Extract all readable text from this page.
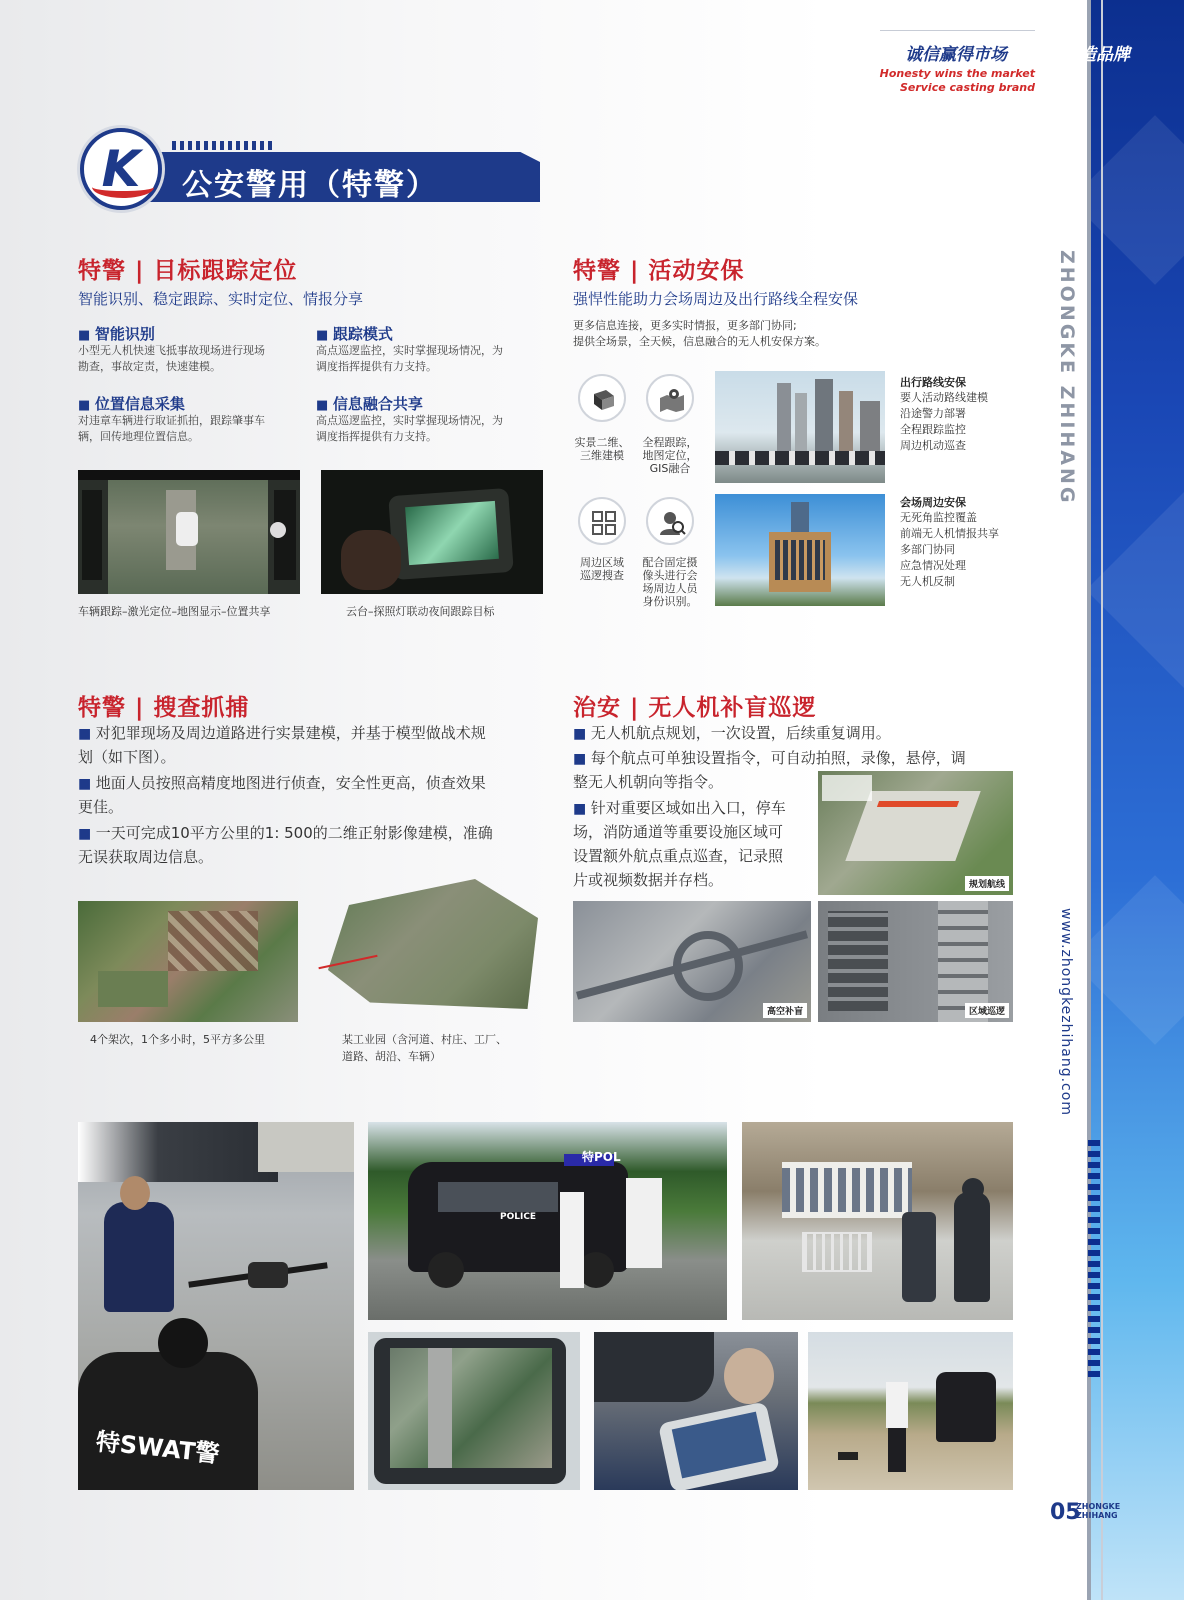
ZHONGKE ZHIHANG
www.zhongkezhihang.com
诚信赢得市场 服务铸造品牌
Honesty wins the market
Service casting brand
K	公安警用（特警）
特警 | 目标跟踪定位
智能识别、稳定跟踪、实时定位、情报分享
■ 智能识别
小型无人机快速飞抵事故现场进行现场
勘查，事故定责，快速建模。
■ 跟踪模式
高点巡逻监控，实时掌握现场情况，为
调度指挥提供有力支持。
■ 位置信息采集
对违章车辆进行取证抓拍，跟踪肇事车
辆，回传地理位置信息。
■ 信息融合共享
高点巡逻监控，实时掌握现场情况，为
调度指挥提供有力支持。
车辆跟踪–激光定位–地图显示–位置共享	云台–探照灯联动夜间跟踪目标
特警 | 活动安保
强悍性能助力会场周边及出行路线全程安保
更多信息连接，更多实时情报，更多部门协同;
提供全场景，全天候，信息融合的无人机安保方案。
实景二维、
三维建模
全程跟踪，
地图定位，
GIS融合
周边区域
巡逻搜查
配合固定摄
像头进行会
场周边人员
身份识别。
出行路线安保
要人活动路线建模
沿途警力部署
全程跟踪监控
周边机动巡查
会场周边安保
无死角监控覆盖
前端无人机情报共享
多部门协同
应急情况处理
无人机反制
特警 | 搜查抓捕
■ 对犯罪现场及周边道路进行实景建模，并基于模型做战术规
划（如下图）。
■ 地面人员按照高精度地图进行侦查，安全性更高，侦查效果
更佳。
■ 一天可完成10平方公里的1: 500的二维正射影像建模，准确
无误获取周边信息。
4个架次，1个多小时，5平方多公里	某工业园（含河道、村庄、工厂、
道路、胡沿、车辆）
治安 | 无人机补盲巡逻
■ 无人机航点规划，一次设置，后续重复调用。
■ 每个航点可单独设置指令，可自动拍照，录像，悬停，调
整无人机朝向等指令。
■ 针对重要区域如出入口，停车
场，消防通道等重要设施区域可
设置额外航点重点巡查，记录照
片或视频数据并存档。	规划航线
高空补盲	区域巡逻
特SWAT警
特POL
POLICE
05
ZHONGKE
ZHIHANG
